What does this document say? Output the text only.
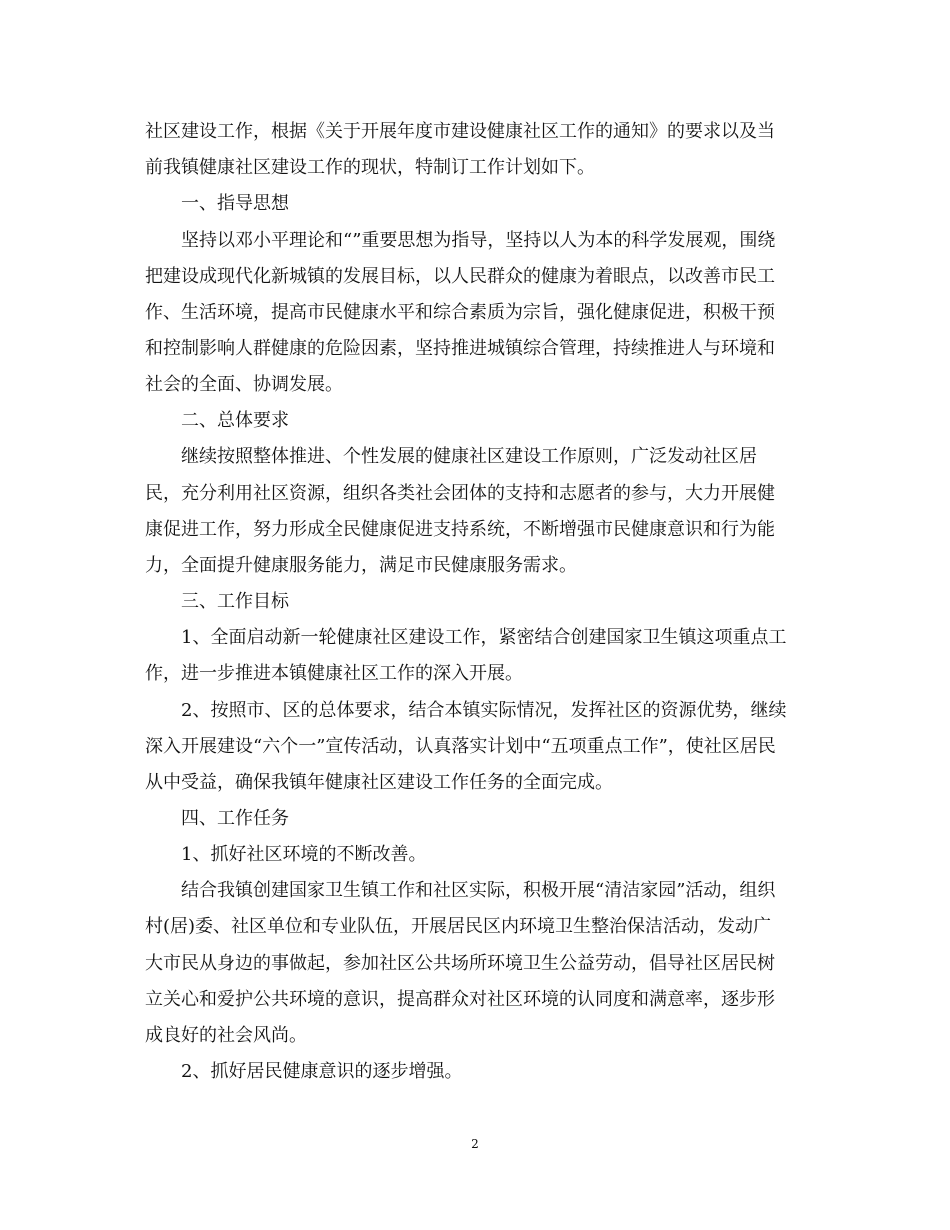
社区建设工作，根据《关于开展年度市建设健康社区工作的通知》的要求以及当
前我镇健康社区建设工作的现状，特制订工作计划如下。
一、指导思想
坚持以邓小平理论和“”重要思想为指导，坚持以人为本的科学发展观，围绕
把建设成现代化新城镇的发展目标，以人民群众的健康为着眼点，以改善市民工
作、生活环境，提高市民健康水平和综合素质为宗旨，强化健康促进，积极干预
和控制影响人群健康的危险因素，坚持推进城镇综合管理，持续推进人与环境和
社会的全面、协调发展。
二、总体要求
继续按照整体推进、个性发展的健康社区建设工作原则，广泛发动社区居
民，充分利用社区资源，组织各类社会团体的支持和志愿者的参与，大力开展健
康促进工作，努力形成全民健康促进支持系统，不断增强市民健康意识和行为能
力，全面提升健康服务能力，满足市民健康服务需求。
三、工作目标
1、全面启动新一轮健康社区建设工作，紧密结合创建国家卫生镇这项重点工
作，进一步推进本镇健康社区工作的深入开展。
2、按照市、区的总体要求，结合本镇实际情况，发挥社区的资源优势，继续
深入开展建设“六个一”宣传活动，认真落实计划中“五项重点工作”，使社区居民
从中受益，确保我镇年健康社区建设工作任务的全面完成。
四、工作任务
1、抓好社区环境的不断改善。
结合我镇创建国家卫生镇工作和社区实际，积极开展“清洁家园”活动，组织
村(居)委、社区单位和专业队伍，开展居民区内环境卫生整治保洁活动，发动广
大市民从身边的事做起，参加社区公共场所环境卫生公益劳动，倡导社区居民树
立关心和爱护公共环境的意识，提高群众对社区环境的认同度和满意率，逐步形
成良好的社会风尚。
2、抓好居民健康意识的逐步增强。
2
